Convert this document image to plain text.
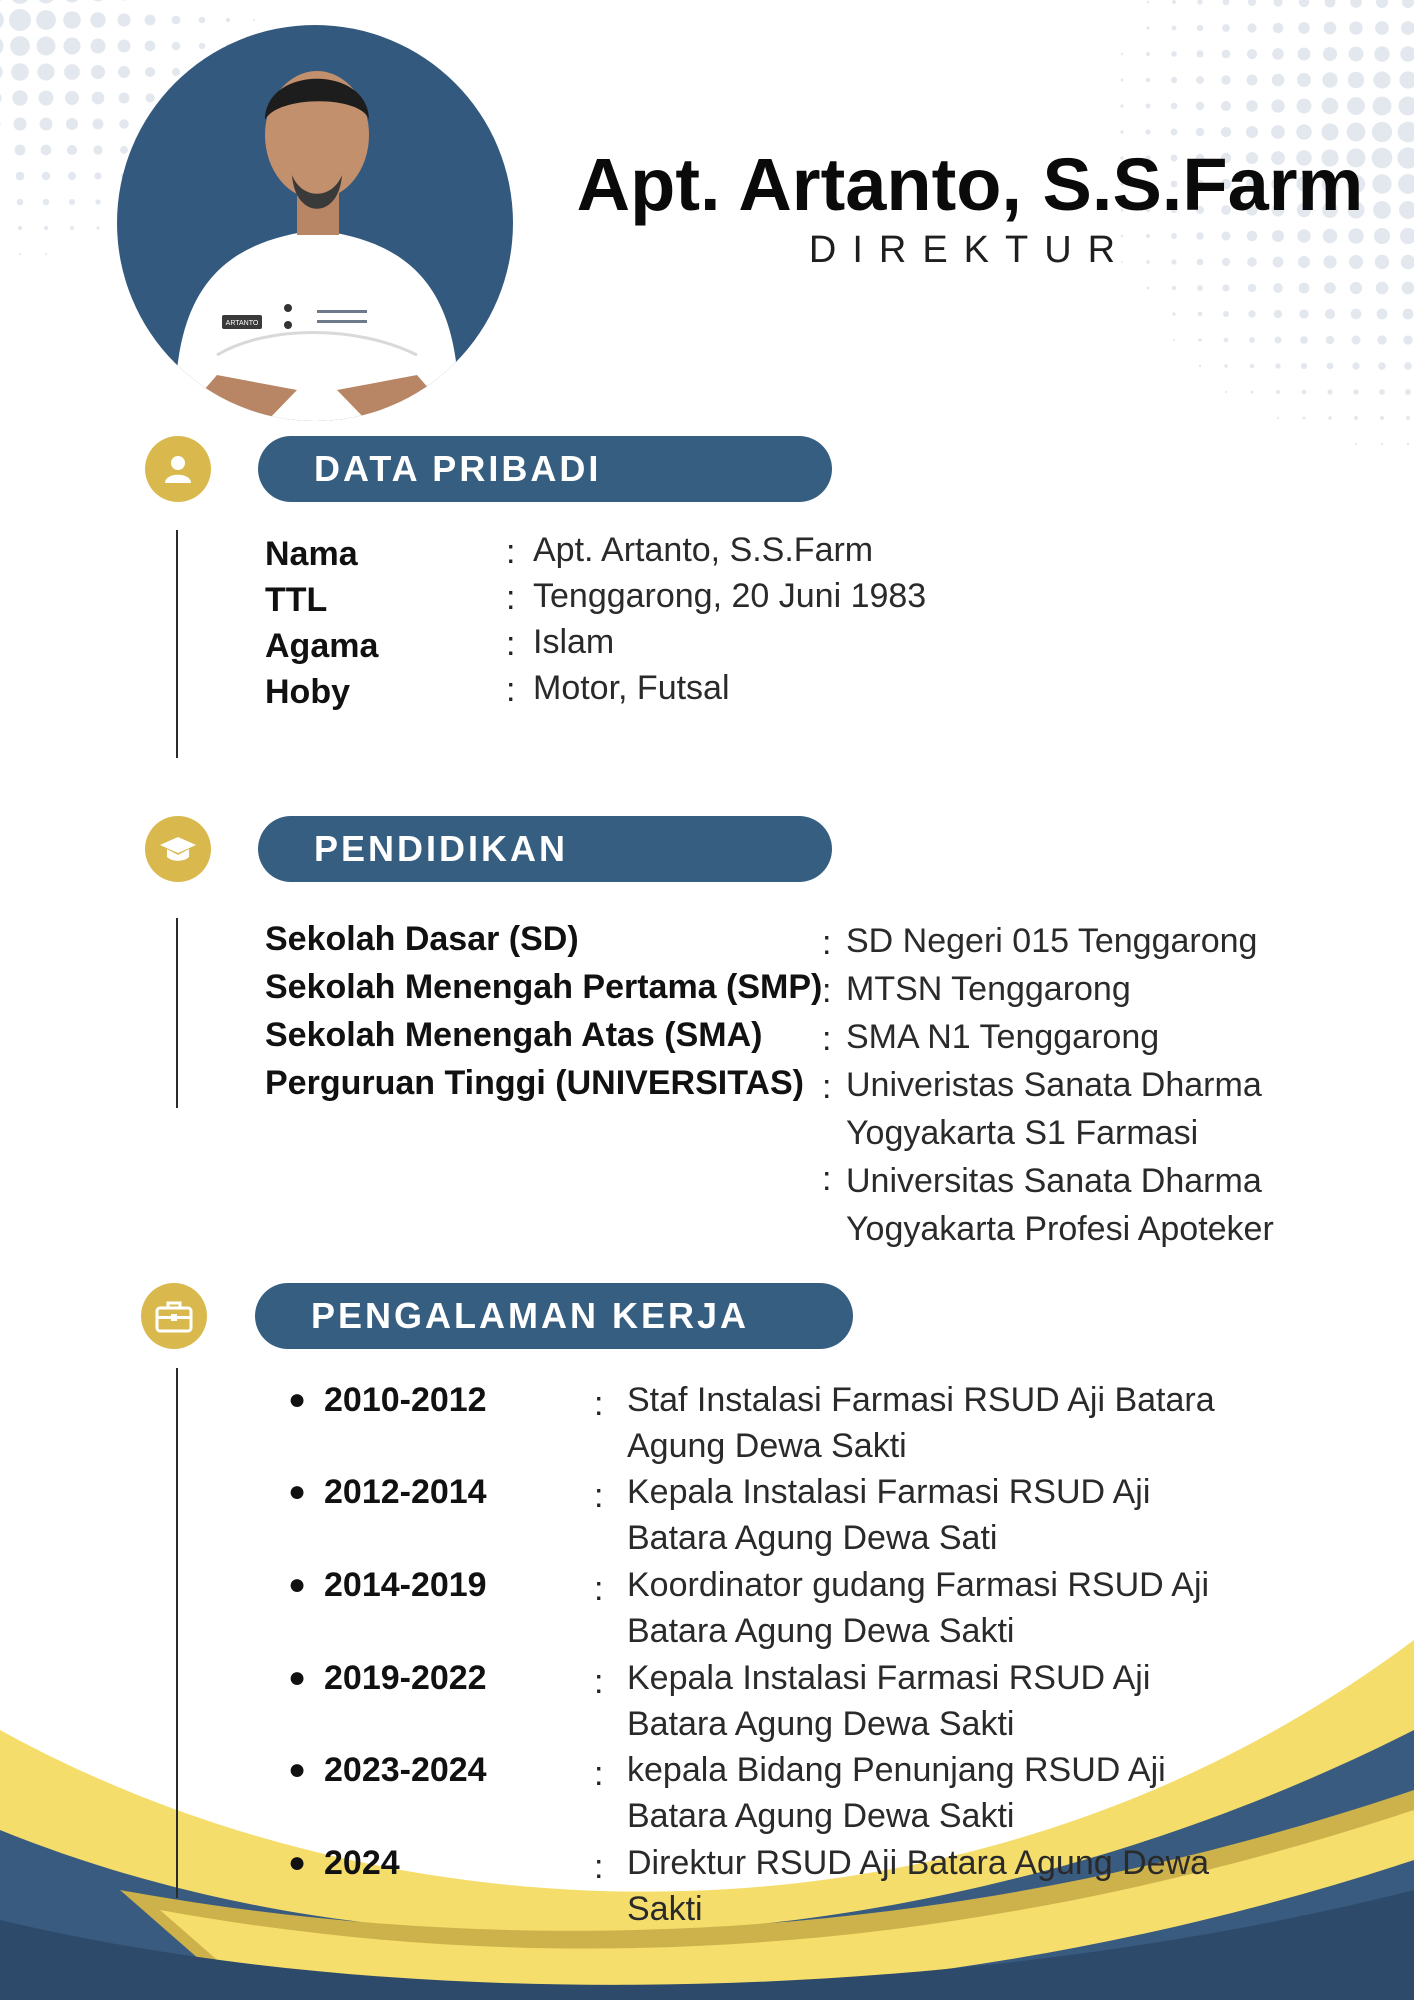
ARTANTO
Apt. Artanto, S.S.Farm
DIREKTUR
DATA PRIBADI
Nama	: Apt. Artanto, S.S.Farm
TTL	: Tenggarong, 20 Juni 1983
Agama	: Islam
Hoby	: Motor, Futsal
PENDIDIKAN
Sekolah Dasar (SD)	: SD Negeri 015 Tenggarong
Sekolah Menengah Pertama (SMP) : MTSN Tenggarong
Sekolah Menengah Atas (SMA) : SMA N1 Tenggarong
Perguruan Tinggi (UNIVERSITAS) : Univeristas Sanata Dharma
Yogyakarta S1 Farmasi
: Universitas Sanata Dharma
Yogyakarta Profesi Apoteker
PENGALAMAN KERJA
● 2010-2012	: Staf Instalasi Farmasi RSUD Aji Batara
Agung Dewa Sakti
● 2012-2014	: Kepala Instalasi Farmasi RSUD Aji
Batara Agung Dewa Sati
● 2014-2019	: Koordinator gudang Farmasi RSUD Aji
Batara Agung Dewa Sakti
● 2019-2022	: Kepala Instalasi Farmasi RSUD Aji
Batara Agung Dewa Sakti
● 2023-2024	: kepala Bidang Penunjang RSUD Aji
Batara Agung Dewa Sakti
● 2024	: Direktur RSUD Aji Batara Agung Dewa
Sakti
